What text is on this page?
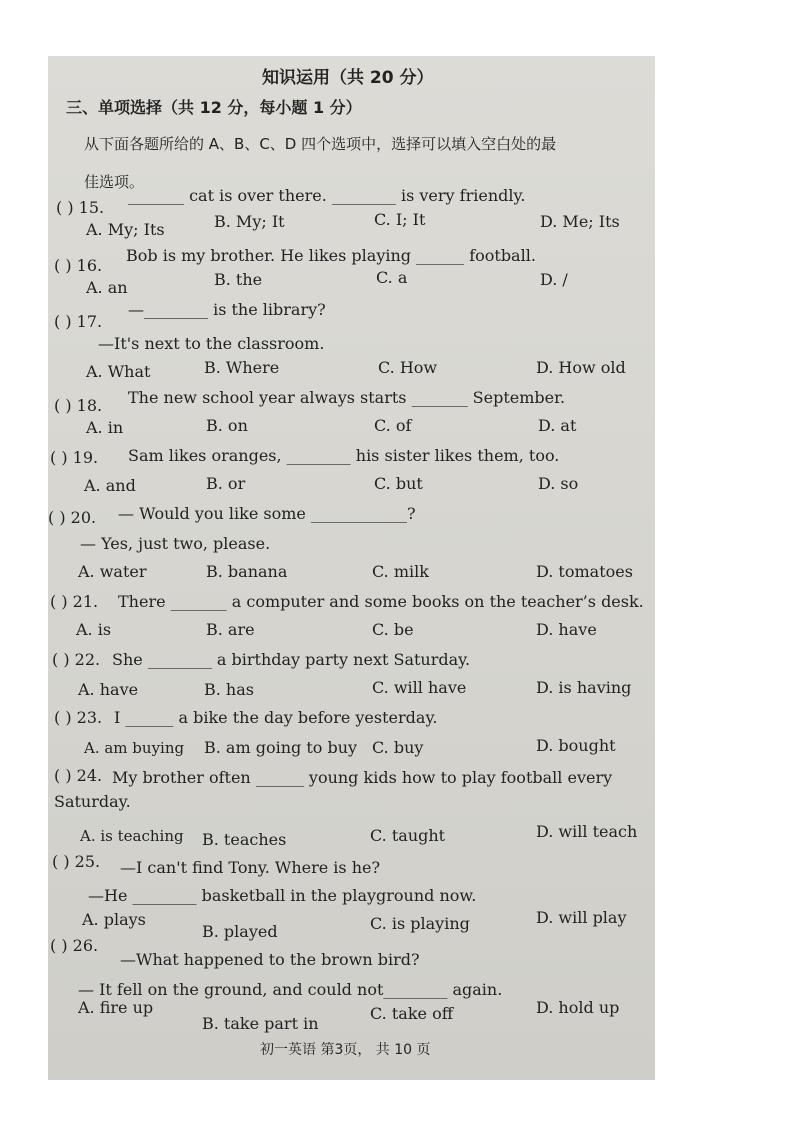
知识运用（共 20 分）
三、单项选择（共 12 分，每小题 1 分）
从下面各题所给的 A、B、C、D 四个选项中，选择可以填入空白处的最
佳选项。
( ) 15.
_______ cat is over there. ________ is very friendly.
A. My; Its	B. My; It	C. I; It	D. Me; Its
( ) 16.
Bob is my brother. He likes playing ______ football.
A. an	B. the	C. a	D. /
( ) 17.
—________ is the library?
—It's next to the classroom.
A. What	B. Where	C. How	D. How old
( ) 18. The new school year always starts _______ September.
A. in	B. on	C. of	D. at
( ) 19. Sam likes oranges, ________ his sister likes them, too.
A. and	B. or	C. but	D. so
( ) 20. — Would you like some ____________?
— Yes, just two, please.
A. water	B. banana	C. milk	D. tomatoes
( ) 21. There _______ a computer and some books on the teacher’s desk.
A. is	B. are	C. be	D. have
( ) 22. She ________ a birthday party next Saturday.
A. have	B. has	C. will have	D. is having
( ) 23. I ______ a bike the day before yesterday.
A. am buying B. am going to buy C. buy	D. bought
( ) 24. My brother often ______ young kids how to play football every
Saturday.
A. is teaching B. teaches	C. taught	D. will teach
( ) 25. —I can't find Tony. Where is he?
—He ________ basketball in the playground now.
A. plays
B. played	C. is playing	D. will play
( ) 26.
—What happened to the brown bird?
— It fell on the ground, and could not________ again.
A. fire up
B. take part in
C. take off	D. hold up
初一英语 第3页， 共 10 页
